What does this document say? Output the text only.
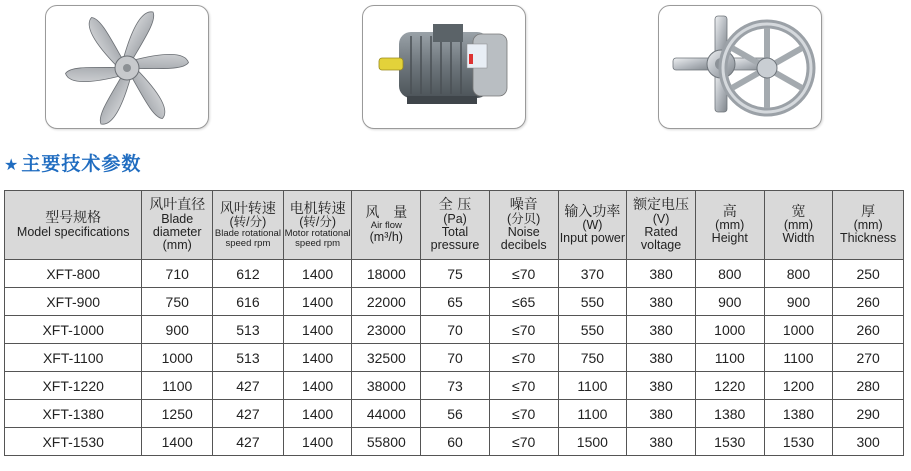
★ 主要技术参数
型号规格
Model specifications	风叶直径
Blade diameter
(mm)	风叶转速
(转/分)
Blade rotational speed rpm	电机转速
(转/分)
Motor rotational speed rpm	风　量
Air flow
(m³/h)	全 压
(Pa)
Total pressure	噪音
(分贝)
Noise decibels	输入功率
(W)
Input power	额定电压
(V)
Rated voltage	高
(mm)
Height	宽
(mm)
Width	厚
(mm)
Thickness

XFT-800	710	612	1400	18000	75	≤70	370	380	800	800	250
XFT-900	750	616	1400	22000	65	≤65	550	380	900	900	260
XFT-1000	900	513	1400	23000	70	≤70	550	380	1000	1000	260
XFT-1100	1000	513	1400	32500	70	≤70	750	380	1100	1100	270
XFT-1220	1100	427	1400	38000	73	≤70	1100	380	1220	1200	280
XFT-1380	1250	427	1400	44000	56	≤70	1100	380	1380	1380	290
XFT-1530	1400	427	1400	55800	60	≤70	1500	380	1530	1530	300
